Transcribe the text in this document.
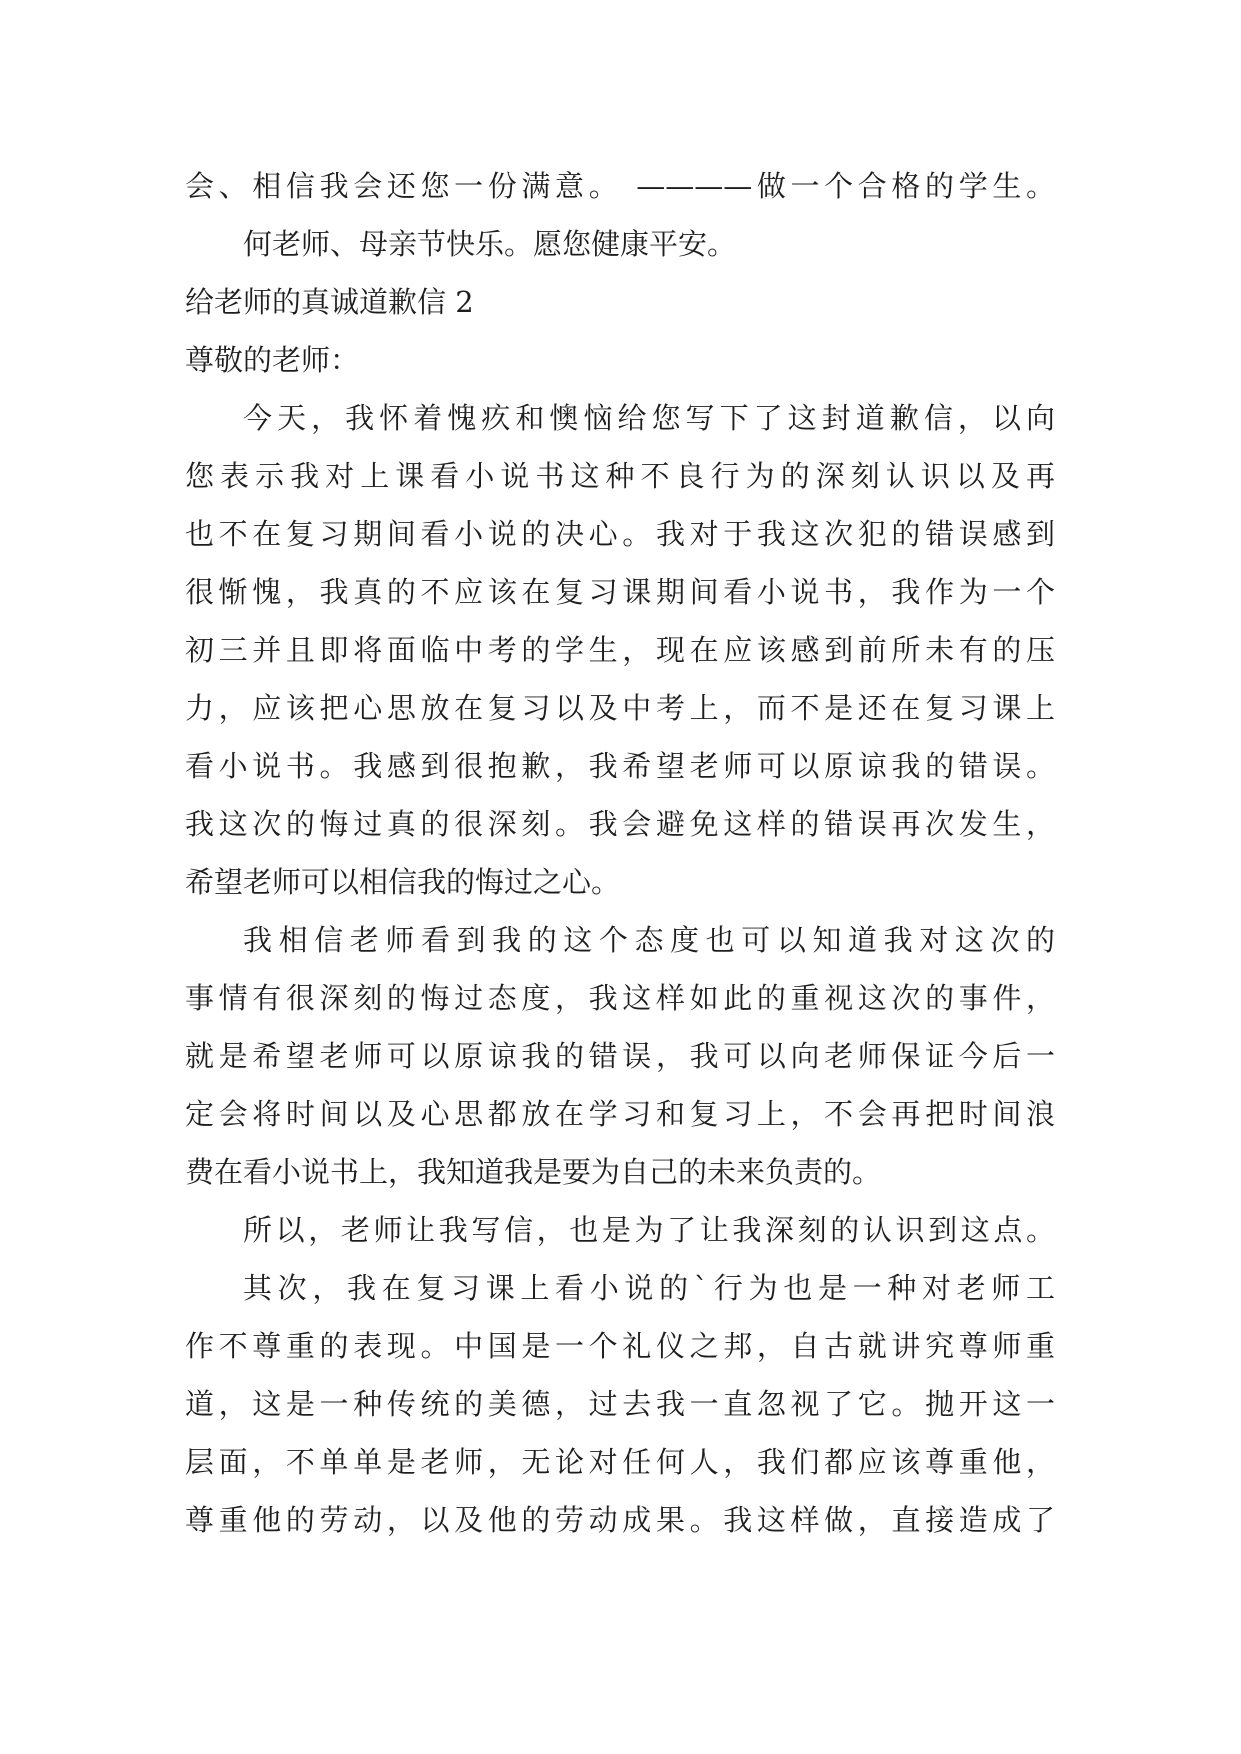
会、相信我会还您一份满意。 ————做一个合格的学生。
何老师、母亲节快乐。愿您健康平安。
给老师的真诚道歉信 2
尊敬的老师：
今天，我怀着愧疚和懊恼给您写下了这封道歉信，以向
您表示我对上课看小说书这种不良行为的深刻认识以及再
也不在复习期间看小说的决心。我对于我这次犯的错误感到
很惭愧，我真的不应该在复习课期间看小说书，我作为一个
初三并且即将面临中考的学生，现在应该感到前所未有的压
力，应该把心思放在复习以及中考上，而不是还在复习课上
看小说书。我感到很抱歉，我希望老师可以原谅我的错误。
我这次的悔过真的很深刻。我会避免这样的错误再次发生，
希望老师可以相信我的悔过之心。
我相信老师看到我的这个态度也可以知道我对这次的
事情有很深刻的悔过态度，我这样如此的重视这次的事件，
就是希望老师可以原谅我的错误，我可以向老师保证今后一
定会将时间以及心思都放在学习和复习上，不会再把时间浪
费在看小说书上，我知道我是要为自己的未来负责的。
所以，老师让我写信，也是为了让我深刻的认识到这点。
其次，我在复习课上看小说的`行为也是一种对老师工
作不尊重的表现。中国是一个礼仪之邦，自古就讲究尊师重
道，这是一种传统的美德，过去我一直忽视了它。抛开这一
层面，不单单是老师，无论对任何人，我们都应该尊重他，
尊重他的劳动，以及他的劳动成果。我这样做，直接造成了
